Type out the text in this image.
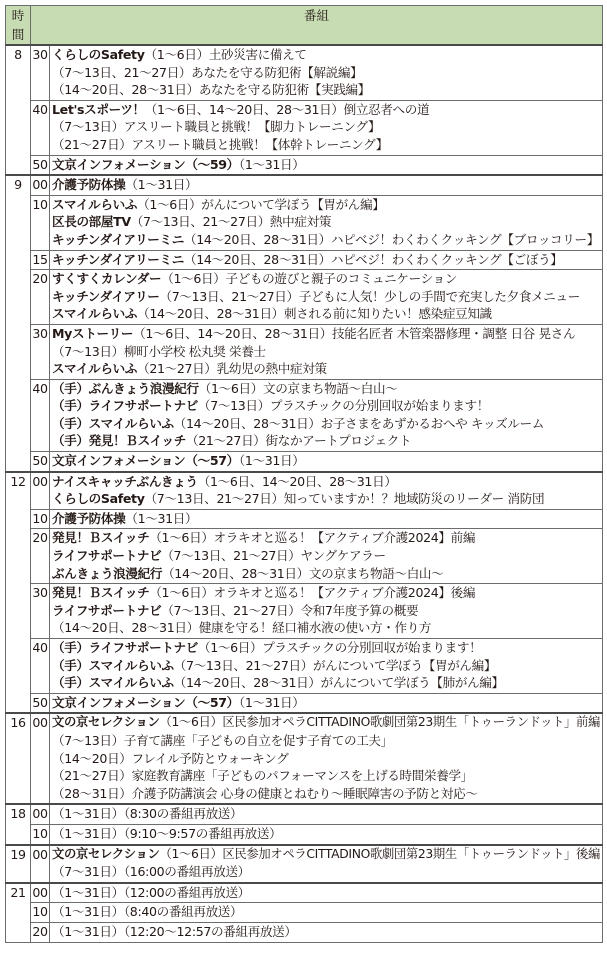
時間	番組	
8	30	くらしのSafety（1〜6日）土砂災害に備えて
（7〜13日、21〜27日）あなたを守る防犯術【解説編】
（14〜20日、28〜31日）あなたを守る防犯術【実践編】

	40	Let'sスポーツ！（1〜6日、14〜20日、28〜31日）倒立忍者への道
（7〜13日）アスリート職員と挑戦！【脚力トレーニング】
（21〜27日）アスリート職員と挑戦！【体幹トレーニング】

	50	文京インフォメーション（〜59）（1〜31日）

9	00	介護予防体操（1〜31日）

	10	スマイルらいふ（1〜6日）がんについて学ぼう【胃がん編】
区長の部屋TV（7〜13日、21〜27日）熱中症対策
キッチンダイアリーミニ（14〜20日、28〜31日）ハピベジ！わくわくクッキング【ブロッコリー】

	15	キッチンダイアリーミニ（14〜20日、28〜31日）ハピベジ！わくわくクッキング【ごぼう】

	20	すくすくカレンダー（1〜6日）子どもの遊びと親子のコミュニケーション
キッチンダイアリー（7〜13日、21〜27日）子どもに人気！少しの手間で充実した夕食メニュー
スマイルらいふ（14〜20日、28〜31日）刺される前に知りたい！感染症豆知識

	30	Myストーリー（1〜6日、14〜20日、28〜31日）技能名匠者 木管楽器修理・調整 日谷 晃さん
（7〜13日）柳町小学校 松丸奨 栄養士
スマイルらいふ（21〜27日）乳幼児の熱中症対策

	40	（手）ぶんきょう浪漫紀行（1〜6日）文の京まち物語〜白山〜
（手）ライフサポートナビ（7〜13日）プラスチックの分別回収が始まります！
（手）スマイルらいふ（14〜20日、28〜31日）お子さまをあずかるおへや キッズルーム
（手）発見！Ｂスイッチ（21〜27日）街なかアートプロジェクト

	50	文京インフォメーション（〜57）（1〜31日）

12	00	ナイスキャッチぶんきょう（1〜6日、14〜20日、28〜31日）
くらしのSafety（7〜13日、21〜27日）知っていますか！？地域防災のリーダー 消防団

	10	介護予防体操（1〜31日）

	20	発見！Ｂスイッチ（1〜6日）オラキオと巡る！【アクティブ介護2024】前編
ライフサポートナビ（7〜13日、21〜27日）ヤングケアラー
ぶんきょう浪漫紀行（14〜20日、28〜31日）文の京まち物語〜白山〜

	30	発見！Ｂスイッチ（1〜6日）オラキオと巡る！【アクティブ介護2024】後編
ライフサポートナビ（7〜13日、21〜27日）令和7年度予算の概要
（14〜20日、28〜31日）健康を守る！経口補水液の使い方・作り方

	40	（手）ライフサポートナビ（1〜6日）プラスチックの分別回収が始まります！
（手）スマイルらいふ（7〜13日、21〜27日）がんについて学ぼう【胃がん編】
（手）スマイルらいふ（14〜20日、28〜31日）がんについて学ぼう【肺がん編】

	50	文京インフォメーション（〜57）（1〜31日）

16	00	文の京セレクション（1〜6日）区民参加オペラCITTADINO歌劇団第23期生「トゥーランドット」前編
（7〜13日）子育て講座「子どもの自立を促す子育ての工夫」
（14〜20日）フレイル予防とウォーキング
（21〜27日）家庭教育講座「子どものパフォーマンスを上げる時間栄養学」
（28〜31日）介護予防講演会 心身の健康とねむり〜睡眠障害の予防と対応〜

18	00	（1〜31日）（8:30の番組再放送）

	10	（1〜31日）（9:10〜9:57の番組再放送）

19	00	文の京セレクション（1〜6日）区民参加オペラCITTADINO歌劇団第23期生「トゥーランドット」後編
（7〜31日）（16:00の番組再放送）

21	00	（1〜31日）（12:00の番組再放送）

	10	（1〜31日）（8:40の番組再放送）

	20	（1〜31日）（12:20〜12:57の番組再放送）
